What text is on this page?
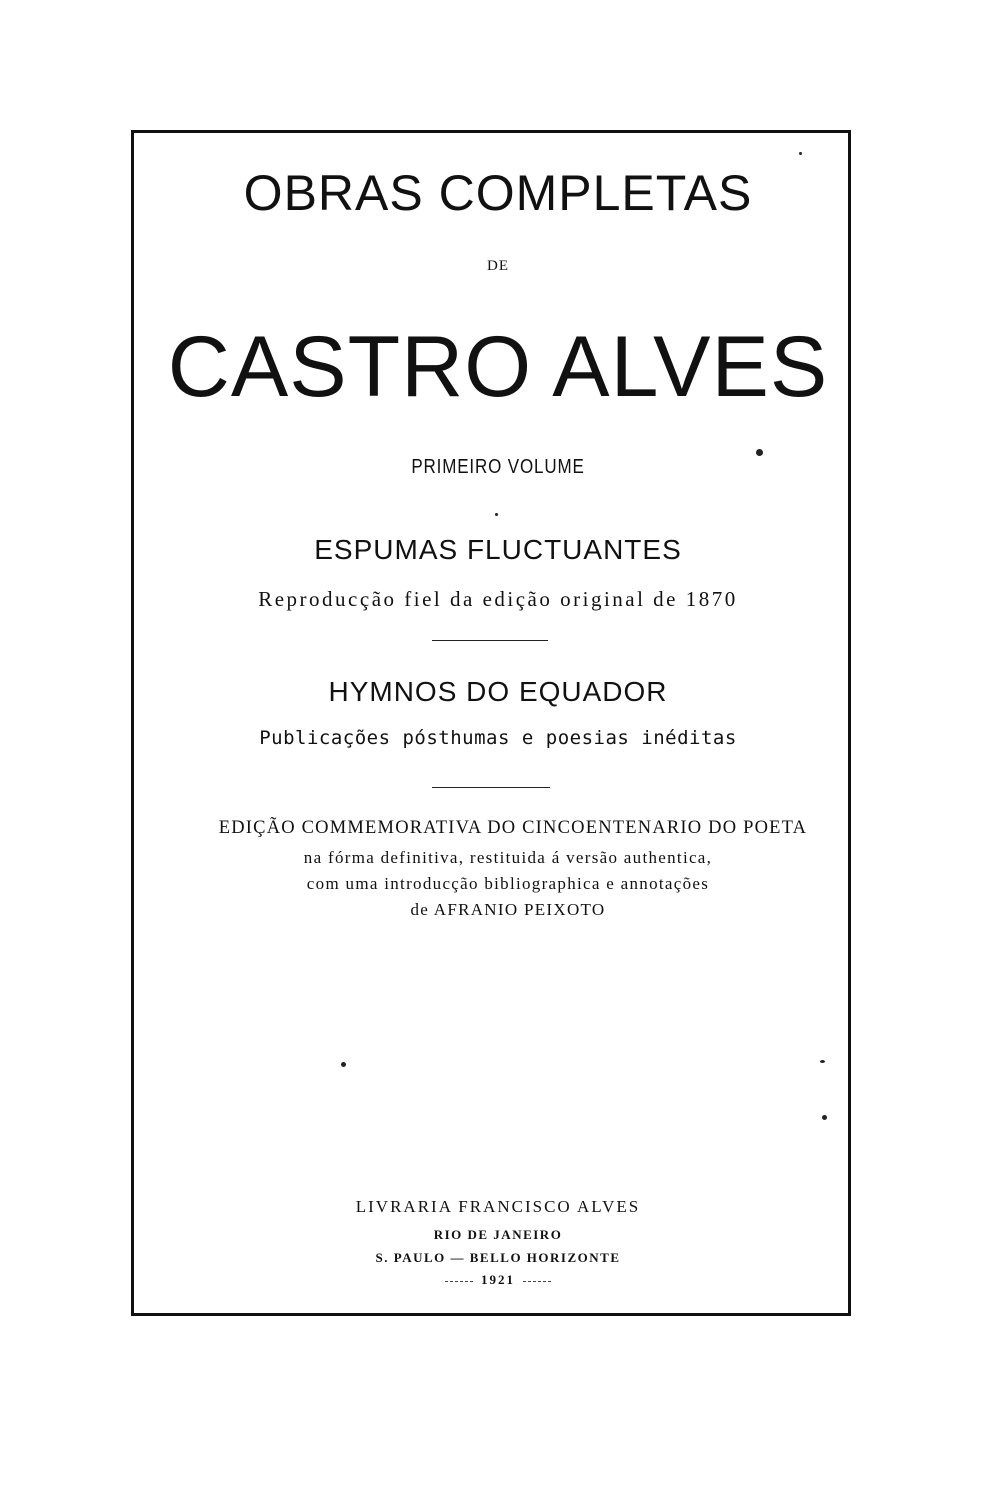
OBRAS COMPLETAS
DE
CASTRO ALVES
PRIMEIRO VOLUME
ESPUMAS FLUCTUANTES
Reproducção fiel da edição original de 1870
HYMNOS DO EQUADOR
Publicações pósthumas e poesias inéditas
EDIÇÃO COMMEMORATIVA DO CINCOENTENARIO DO POETA
na fórma definitiva, restituida á versão authentica,
com uma introducção bibliographica e annotações
de AFRANIO PEIXOTO
LIVRARIA FRANCISCO ALVES
RIO DE JANEIRO
S. PAULO — BELLO HORIZONTE
1921
